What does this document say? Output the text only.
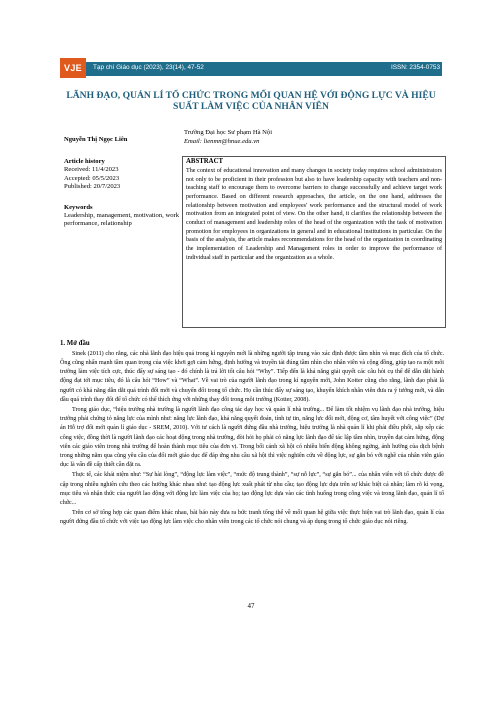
VJE	Tạp chí Giáo dục (2023), 23(14), 47-52	ISSN: 2354-0753
LÃNH ĐẠO, QUẢN LÍ TỔ CHỨC TRONG MỐI QUAN HỆ VỚI ĐỘNG LỰC VÀ HIỆU SUẤT LÀM VIỆC CỦA NHÂN VIÊN
Nguyễn Thị Ngọc Liên
Trường Đại học Sư phạm Hà Nội
Email: lienmn@hnue.edu.vn
Article history
Received: 11/4/2023
Accepted: 05/5/2023
Published: 20/7/2023
Keywords
Leadership, management, motivation, work performance, relationship
ABSTRACT
The context of educational innovation and many changes in society today requires school administrators not only to be proficient in their profession but also to have leadership capacity with teachers and non-teaching staff to encourage them to overcome barriers to change successfully and achieve target work performance. Based on different research approaches, the article, on the one hand, addresses the relationship between motivation and employees' work performance and the structural model of work motivation from an integrated point of view. On the other hand, it clarifies the relationship between the conduct of management and leadership roles of the head of the organization with the task of motivation promotion for employees in organizations in general and in educational institutions in particular. On the basis of the analysis, the article makes recommendations for the head of the organization in coordinating the implementation of Leadership and Management roles in order to improve the performance of individual staff in particular and the organization as a whole.
1. Mở đầu

Sinek (2011) cho rằng, các nhà lãnh đạo hiệu quả trong kỉ nguyên mới là những người tập trung vào xác định được tầm nhìn và mục đích của tổ chức. Ông cũng nhấn mạnh tầm quan trọng của việc khơi gợi cảm hứng, định hướng và truyền tải đúng tầm nhìn cho nhân viên và cộng đồng, giúp tạo ra một môi trường làm việc tích cực, thúc đẩy sự sáng tạo - đó chính là trả lời tốt câu hỏi “Why”. Tiếp đến là khả năng giải quyết các câu hỏi cụ thể để dẫn dắt hành động đạt tới mục tiêu, đó là câu hỏi “How” và “What”. Về vai trò của người lãnh đạo trong kỉ nguyên mới, John Kotter cũng cho rằng, lãnh đạo phải là người có khả năng dẫn dắt quá trình đổi mới và chuyển đổi trong tổ chức. Họ cần thúc đẩy sự sáng tạo, khuyến khích nhân viên đưa ra ý tưởng mới, và dẫn dầu quá trình thay đổi để tổ chức có thể thích ứng với những thay đổi trong môi trường (Kotter, 2008).

Trong giáo dục, “hiệu trưởng nhà trường là người lãnh đạo công tác dạy học và quản lí nhà trường... Để làm tốt nhiệm vụ lãnh đạo nhà trường, hiệu trưởng phải chứng tỏ năng lực của mình như: năng lực lãnh đạo, khả năng quyết đoán, tính tự tin, năng lực đổi mới, động cơ, tâm huyết với công việc” (Dự án Hỗ trợ đổi mới quản lí giáo dục - SREM, 2010). Với tư cách là người đứng đầu nhà trường, hiệu trưởng là nhà quản lí khi phải điều phối, sắp xếp các công việc, đồng thời là người lãnh đạo các hoạt động trong nhà trường, đòi hỏi họ phải có năng lực lãnh đạo để tác lập tầm nhìn, truyền đạt cảm hứng, động viên các giáo viên trong nhà trường để hoàn thành mục tiêu của đơn vị. Trong bối cảnh xã hội có nhiều biến động không ngừng, ảnh hưởng của dịch bệnh trong những năm qua cũng yêu cầu của đổi mới giáo dục để đáp ứng nhu cầu xã hội thì việc nghiên cứu về động lực, sự gắn bó với nghề của nhân viên giáo dục là vấn đề cấp thiết cần đặt ra.

Thực tế, các khái niệm như: “Sự hài lòng”, “động lực làm việc”, “mức độ trung thành”, “sự nỗ lực”, “sự gắn bó”... của nhân viên với tổ chức được đề cập trong nhiều nghiên cứu theo các hướng khác nhau như: tạo động lực xuất phát từ nhu cầu; tạo động lực dựa trên sự khác biệt cá nhân; làm rõ kì vọng, mục tiêu và nhận thức của người lao động với động lực làm việc của họ; tạo động lực dựa vào các tình huống trong công việc và trong lãnh đạo, quản lí tổ chức...

Trên cơ sở tổng hợp các quan điểm khác nhau, bài báo này đưa ra bức tranh tổng thể về mối quan hệ giữa việc thực hiện vai trò lãnh đạo, quản lí của người đứng đầu tổ chức với việc tạo động lực làm việc cho nhân viên trong các tổ chức nói chung và áp dụng trong tổ chức giáo dục nói riêng.

47
